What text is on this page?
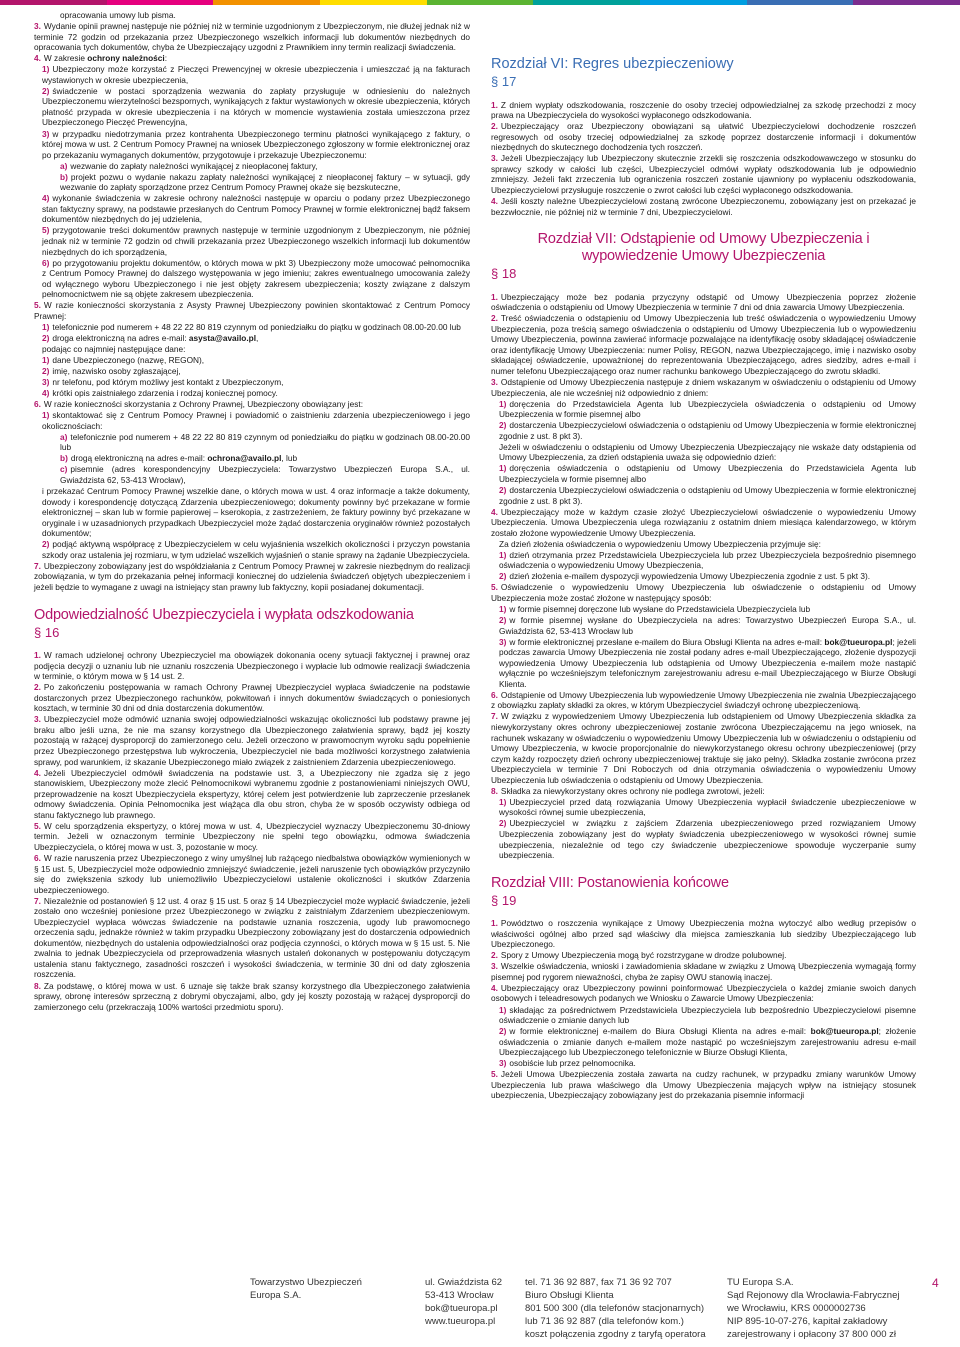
opracowania umowy lub pisma.

3. Wydanie opinii prawnej następuje nie później niż w terminie uzgodnionym z Ubezpieczonym, nie dłużej jednak niż w terminie 72 godzin od przekazania przez Ubezpieczonego wszelkich informacji lub dokumentów niezbędnych do opracowania tych dokumentów, chyba że Ubezpieczający uzgodni z Prawnikiem inny termin realizacji świadczenia.

4. W zakresie ochrony należności:

1) Ubezpieczony może korzystać z Pieczęci Prewencyjnej w okresie ubezpieczenia i umieszczać ją na fakturach wystawionych w okresie ubezpieczenia,

2) świadczenie w postaci sporządzenia wezwania do zapłaty przysługuje w odniesieniu do należnych Ubezpieczonemu wierzytelności bezspornych, wynikających z faktur wystawionych w okresie ubezpieczenia, których płatność przypada w okresie ubezpieczenia i na których w momencie wystawienia została umieszczona przez Ubezpieczonego Pieczęć Prewencyjna,

3) w przypadku niedotrzymania przez kontrahenta Ubezpieczonego terminu płatności wynikającego z faktury, o której mowa w ust. 2 Centrum Pomocy Prawnej na wniosek Ubezpieczonego zgłoszony w formie elektronicznej oraz po przekazaniu wymaganych dokumentów, przygotowuje i przekazuje Ubezpieczonemu:

a) wezwanie do zapłaty należności wynikającej z nieopłaconej faktury,

b) projekt pozwu o wydanie nakazu zapłaty należności wynikającej z nieopłaconej faktury – w sytuacji, gdy wezwanie do zapłaty sporządzone przez Centrum Pomocy Prawnej okaże się bezskuteczne,

4) wykonanie świadczenia w zakresie ochrony należności następuje w oparciu o podany przez Ubezpieczonego stan faktyczny sprawy, na podstawie przesłanych do Centrum Pomocy Prawnej w formie elektronicznej bądź faksem dokumentów niezbędnych do jej udzielenia,

5) przygotowanie treści dokumentów prawnych następuje w terminie uzgodnionym z Ubezpieczonym, nie później jednak niż w terminie 72 godzin od chwili przekazania przez Ubezpieczonego wszelkich informacji lub dokumentów niezbędnych do ich sporządzenia,

6) po przygotowaniu projektu dokumentów, o których mowa w pkt 3) Ubezpieczony może umocować pełnomocnika z Centrum Pomocy Prawnej do dalszego występowania w jego imieniu; zakres ewentualnego umocowania zależy od wyłącznego wyboru Ubezpieczonego i nie jest objęty zakresem ubezpieczenia; koszty związane z dalszym pełnomocnictwem nie są objęte zakresem ubezpieczenia.

5. W razie konieczności skorzystania z Asysty Prawnej Ubezpieczony powinien skontaktować z Centrum Pomocy Prawnej:

1) telefonicznie pod numerem + 48 22 22 80 819 czynnym od poniedziałku do piątku w godzinach 08.00-20.00 lub

2) droga elektroniczną na adres e-mail: asysta@availo.pl,

podając co najmniej następujące dane:

1) dane Ubezpieczonego (nazwę, REGON),

2) imię, nazwisko osoby zgłaszającej,

3) nr telefonu, pod którym możliwy jest kontakt z Ubezpieczonym,

4) krótki opis zaistniałego zdarzenia i rodzaj koniecznej pomocy.

6. W razie konieczności skorzystania z Ochrony Prawnej, Ubezpieczony obowiązany jest:

1) skontaktować się z Centrum Pomocy Prawnej i powiadomić o zaistnieniu zdarzenia ubezpieczeniowego i jego okolicznościach:

a) telefonicznie pod numerem + 48 22 22 80 819 czynnym od poniedziałku do piątku w godzinach 08.00-20.00 lub

b) drogą elektroniczną na adres e-mail: ochrona@availo.pl, lub

c) pisemnie (adres korespondencyjny Ubezpieczyciela: Towarzystwo Ubezpieczeń Europa S.A., ul. Gwiaździsta 62, 53-413 Wrocław),

i przekazać Centrum Pomocy Prawnej wszelkie dane, o których mowa w ust. 4 oraz informacje a także dokumenty, dowody i korespondencję dotyczącą Zdarzenia ubezpieczeniowego; dokumenty powinny być przekazane w formie elektronicznej – skan lub w formie papierowej – kserokopia, z zastrzeżeniem, że faktury powinny być przekazane w oryginale i w uzasadnionych przypadkach Ubezpieczyciel może żądać dostarczenia oryginałów również pozostałych dokumentów;

2) podjąć aktywną współpracę z Ubezpieczycielem w celu wyjaśnienia wszelkich okoliczności i przyczyn powstania szkody oraz ustalenia jej rozmiaru, w tym udzielać wszelkich wyjaśnień o stanie sprawy na żądanie Ubezpieczyciela.

7. Ubezpieczony zobowiązany jest do współdziałania z Centrum Pomocy Prawnej w zakresie niezbędnym do realizacji zobowiązania, w tym do przekazania pełnej informacji koniecznej do udzielenia świadczeń objętych ubezpieczeniem i jeżeli będzie to wymagane z uwagi na istniejący stan prawny lub faktyczny, kopii posiadanej dokumentacji.

Odpowiedzialność Ubezpieczyciela i wypłata odszkodowania
§ 16

1. W ramach udzielonej ochrony Ubezpieczyciel ma obowiązek dokonania oceny sytuacji faktycznej i prawnej oraz podjęcia decyzji o uznaniu lub nie uznaniu roszczenia Ubezpieczonego i wypłacie lub odmowie realizacji świadczenia w terminie, o którym mowa w § 14 ust. 2.

2. Po zakończeniu postępowania w ramach Ochrony Prawnej Ubezpieczyciel wypłaca świadczenie na podstawie dostarczonych przez Ubezpieczonego rachunków, pokwitowań i innych dokumentów świadczących o poniesionych kosztach, w terminie 30 dni od dnia dostarczenia dokumentów.

3. Ubezpieczyciel może odmówić uznania swojej odpowiedzialności wskazując okoliczności lub podstawy prawne jej braku albo jeśli uzna, że nie ma szansy korzystnego dla Ubezpieczonego załatwienia sprawy, bądź jej koszty pozostają w rażącej dysproporcji do zamierzonego celu. Jeżeli orzeczono w prawomocnym wyroku sądu popełnienie przez Ubezpieczonego przestępstwa lub wykroczenia, Ubezpieczyciel nie bada możliwości korzystnego załatwienia sprawy, pod warunkiem, iż skazanie Ubezpieczonego miało związek z zaistnieniem Zdarzenia ubezpieczeniowego.

4. Jeżeli Ubezpieczyciel odmówił świadczenia na podstawie ust. 3, a Ubezpieczony nie zgadza się z jego stanowiskiem, Ubezpieczony może zlecić Pełnomocnikowi wybranemu zgodnie z postanowieniami niniejszych OWU, przeprowadzenie na koszt Ubezpieczyciela ekspertyzy, której celem jest potwierdzenie lub zaprzeczenie przesłanek odmowy świadczenia. Opinia Pełnomocnika jest wiążąca dla obu stron, chyba że w sposób oczywisty odbiega od stanu faktycznego lub prawnego.

5. W celu sporządzenia ekspertyzy, o której mowa w ust. 4, Ubezpieczyciel wyznaczy Ubezpieczonemu 30-dniowy termin. Jeżeli w oznaczonym terminie Ubezpieczony nie spełni tego obowiązku, odmowa świadczenia Ubezpieczyciela, o której mowa w ust. 3, pozostanie w mocy.

6. W razie naruszenia przez Ubezpieczonego z winy umyślnej lub rażącego niedbalstwa obowiązków wymienionych w § 15 ust. 5, Ubezpieczyciel może odpowiednio zmniejszyć świadczenie, jeżeli naruszenie tych obowiązków przyczyniło się do zwiększenia szkody lub uniemożliwiło Ubezpieczycielowi ustalenie okoliczności i skutków Zdarzenia ubezpieczeniowego.

7. Niezależnie od postanowień § 12 ust. 4 oraz § 15 ust. 5 oraz § 14 Ubezpieczyciel może wypłacić świadczenie, jeżeli zostało ono wcześniej poniesione przez Ubezpieczonego w związku z zaistniałym Zdarzeniem ubezpieczeniowym. Ubezpieczyciel wypłaca wówczas świadczenie na podstawie uznania roszczenia, ugody lub prawomocnego orzeczenia sądu, jednakże również w takim przypadku Ubezpieczony zobowiązany jest do dostarczenia odpowiednich dokumentów, niezbędnych do ustalenia odpowiedzialności oraz podjęcia czynności, o których mowa w § 15 ust. 5. Nie zwalnia to jednak Ubezpieczyciela od przeprowadzenia własnych ustaleń dokonanych w postępowaniu dotyczącym ustalenia stanu faktycznego, zasadności roszczeń i wysokości świadczenia, w terminie 30 dni od daty zgłoszenia roszczenia.

8. Za podstawę, o której mowa w ust. 6 uznaje się także brak szansy korzystnego dla Ubezpieczonego załatwienia sprawy, obronę interesów sprzeczną z dobrymi obyczajami, albo, gdy jej koszty pozostają w rażącej dysproporcji do zamierzonego celu (przekraczają 100% wartości przedmiotu sporu).

Rozdział VI: Regres ubezpieczeniowy
§ 17

1. Z dniem wypłaty odszkodowania, roszczenie do osoby trzeciej odpowiedzialnej za szkodę przechodzi z mocy prawa na Ubezpieczyciela do wysokości wypłaconego odszkodowania.

2. Ubezpieczający oraz Ubezpieczony obowiązani są ułatwić Ubezpieczycielowi dochodzenie roszczeń regresowych od osoby trzeciej odpowiedzialnej za szkodę poprzez dostarczenie informacji i dokumentów niezbędnych do skutecznego dochodzenia tych roszczeń.

3. Jeżeli Ubezpieczający lub Ubezpieczony skutecznie zrzekli się roszczenia odszkodowawczego w stosunku do sprawcy szkody w całości lub części, Ubezpieczyciel odmówi wypłaty odszkodowania lub je odpowiednio zmniejszy. Jeżeli fakt zrzeczenia lub ograniczenia roszczeń zostanie ujawniony po wypłaceniu odszkodowania, Ubezpieczycielowi przysługuje roszczenie o zwrot całości lub części wypłaconego odszkodowania.

4. Jeśli koszty należne Ubezpieczycielowi zostaną zwrócone Ubezpieczonemu, zobowiązany jest on przekazać je bezzwłocznie, nie później niż w terminie 7 dni, Ubezpieczycielowi.

Rozdział VII: Odstąpienie od Umowy Ubezpieczenia i wypowiedzenie Umowy Ubezpieczenia
§ 18

1. Ubezpieczający może bez podania przyczyny odstąpić od Umowy Ubezpieczenia poprzez złożenie oświadczenia o odstąpieniu od Umowy Ubezpieczenia w terminie 7 dni od dnia zawarcia Umowy Ubezpieczenia.

2. Treść oświadczenia o odstąpieniu od Umowy Ubezpieczenia lub treść oświadczenia o wypowiedzeniu Umowy Ubezpieczenia, poza treścią samego oświadczenia o odstąpieniu od Umowy Ubezpieczenia lub o wypowiedzeniu Umowy Ubezpieczenia, powinna zawierać informacje pozwalające na identyfikację osoby składającej oświadczenie oraz identyfikację Umowy Ubezpieczenia: numer Polisy, REGON, nazwa Ubezpieczającego, imię i nazwisko osoby składającej oświadczenie, upoważnionej do reprezentowania Ubezpieczającego, adres siedziby, adres e-mail i numer telefonu Ubezpieczającego oraz numer rachunku bankowego Ubezpieczającego do zwrotu składki.

3. Odstąpienie od Umowy Ubezpieczenia następuje z dniem wskazanym w oświadczeniu o odstąpieniu od Umowy Ubezpieczenia, ale nie wcześniej niż odpowiednio z dniem:

1) doręczenia do Przedstawiciela Agenta lub Ubezpieczyciela oświadczenia o odstąpieniu od Umowy Ubezpieczenia w formie pisemnej albo

2) dostarczenia Ubezpieczycielowi oświadczenia o odstąpieniu od Umowy Ubezpieczenia w formie elektronicznej zgodnie z ust. 8 pkt 3).

Jeżeli w oświadczeniu o odstąpieniu od Umowy Ubezpieczenia Ubezpieczający nie wskaże daty odstąpienia od Umowy Ubezpieczenia, za dzień odstąpienia uważa się odpowiednio dzień:

1) doręczenia oświadczenia o odstąpieniu od Umowy Ubezpieczenia do Przedstawiciela Agenta lub Ubezpieczyciela w formie pisemnej albo

2) dostarczenia Ubezpieczycielowi oświadczenia o odstąpieniu od Umowy Ubezpieczenia w formie elektronicznej zgodnie z ust. 8 pkt 3).

4. Ubezpieczający może w każdym czasie złożyć Ubezpieczycielowi oświadczenie o wypowiedzeniu Umowy Ubezpieczenia. Umowa Ubezpieczenia ulega rozwiązaniu z ostatnim dniem miesiąca kalendarzowego, w którym zostało złożone wypowiedzenie Umowy Ubezpieczenia.

Za dzień złożenia oświadczenia o wypowiedzeniu Umowy Ubezpieczenia przyjmuje się:

1) dzień otrzymania przez Przedstawiciela Ubezpieczyciela lub przez Ubezpieczyciela bezpośrednio pisemnego oświadczenia o wypowiedzeniu Umowy Ubezpieczenia,

2) dzień złożenia e-mailem dyspozycji wypowiedzenia Umowy Ubezpieczenia zgodnie z ust. 5 pkt 3).

5. Oświadczenie o wypowiedzeniu Umowy Ubezpieczenia lub oświadczenie o odstąpieniu od Umowy Ubezpieczenia może zostać złożone w następujący sposób:

1) w formie pisemnej doręczone lub wysłane do Przedstawiciela Ubezpieczyciela lub

2) w formie pisemnej wysłane do Ubezpieczyciela na adres: Towarzystwo Ubezpieczeń Europa S.A., ul. Gwiaździsta 62, 53-413 Wrocław lub

3) w formie elektronicznej przesłane e-mailem do Biura Obsługi Klienta na adres e-mail: bok@tueuropa.pl; jeżeli podczas zawarcia Umowy Ubezpieczenia nie został podany adres e-mail Ubezpieczającego, złożenie dyspozycji wypowiedzenia Umowy Ubezpieczenia lub odstąpienia od Umowy Ubezpieczenia e-mailem może nastąpić wyłącznie po wcześniejszym telefonicznym zarejestrowaniu adresu e-mail Ubezpieczającego w Biurze Obsługi Klienta.

6. Odstąpienie od Umowy Ubezpieczenia lub wypowiedzenie Umowy Ubezpieczenia nie zwalnia Ubezpieczającego z obowiązku zapłaty składki za okres, w którym Ubezpieczyciel świadczył ochronę ubezpieczeniową.

7. W związku z wypowiedzeniem Umowy Ubezpieczenia lub odstąpieniem od Umowy Ubezpieczenia składka za niewykorzystany okres ochrony ubezpieczeniowej zostanie zwrócona Ubezpieczającemu na jego wniosek, na rachunek wskazany w oświadczeniu o wypowiedzeniu Umowy Ubezpieczenia lub w oświadczeniu o odstąpieniu od Umowy Ubezpieczenia, w kwocie proporcjonalnie do niewykorzystanego okresu ochrony ubezpieczeniowej (przy czym każdy rozpoczęty dzień ochrony ubezpieczeniowej traktuje się jako pełny). Składka zostanie zwrócona przez Ubezpieczyciela w terminie 7 Dni Roboczych od dnia otrzymania oświadczenia o wypowiedzeniu Umowy Ubezpieczenia lub oświadczenia o odstąpieniu od Umowy Ubezpieczenia.

8. Składka za niewykorzystany okres ochrony nie podlega zwrotowi, jeżeli:

1) Ubezpieczyciel przed datą rozwiązania Umowy Ubezpieczenia wypłacił świadczenie ubezpieczeniowe w wysokości równej sumie ubezpieczenia,

2) Ubezpieczyciel w związku z zajściem Zdarzenia ubezpieczeniowego przed rozwiązaniem Umowy Ubezpieczenia zobowiązany jest do wypłaty świadczenia ubezpieczeniowego w wysokości równej sumie ubezpieczenia, niezależnie od tego czy świadczenie ubezpieczeniowe spowoduje wyczerpanie sumy ubezpieczenia.

Rozdział VIII: Postanowienia końcowe
§ 19

1. Powództwo o roszczenia wynikające z Umowy Ubezpieczenia można wytoczyć albo według przepisów o właściwości ogólnej albo przed sąd właściwy dla miejsca zamieszkania lub siedziby Ubezpieczającego lub Ubezpieczonego.

2. Spory z Umowy Ubezpieczenia mogą być rozstrzygane w drodze polubownej.

3. Wszelkie oświadczenia, wnioski i zawiadomienia składane w związku z Umową Ubezpieczenia wymagają formy pisemnej pod rygorem nieważności, chyba że zapisy OWU stanowią inaczej.

4. Ubezpieczający oraz Ubezpieczony powinni poinformować Ubezpieczyciela o każdej zmianie swoich danych osobowych i teleadresowych podanych we Wniosku o Zawarcie Umowy Ubezpieczenia:

1) składając za pośrednictwem Przedstawiciela Ubezpieczyciela lub bezpośrednio Ubezpieczycielowi pisemne oświadczenie o zmianie danych lub

2) w formie elektronicznej e-mailem do Biura Obsługi Klienta na adres e-mail: bok@tueuropa.pl; złożenie oświadczenia o zmianie danych e-mailem może nastąpić po wcześniejszym zarejestrowaniu adresu e-mail Ubezpieczającego lub Ubezpieczonego telefonicznie w Biurze Obsługi Klienta,

3) osobiście lub przez pełnomocnika.

5. Jeżeli Umowa Ubezpieczenia została zawarta na cudzy rachunek, w przypadku zmiany warunków Umowy Ubezpieczenia lub prawa właściwego dla Umowy Ubezpieczenia mających wpływ na istniejący stosunek ubezpieczenia, Ubezpieczający zobowiązany jest do przekazania pisemnie informacji

Towarzystwo Ubezpieczeń
Europa S.A.
ul. Gwiaździsta 62
53-413 Wrocław
bok@tueuropa.pl
www.tueuropa.pl
tel. 71 36 92 887, fax 71 36 92 707
Biuro Obsługi Klienta
801 500 300 (dla telefonów stacjonarnych)
lub 71 36 92 887 (dla telefonów kom.)
koszt połączenia zgodny z taryfą operatora
TU Europa S.A.
Sąd Rejonowy dla Wrocławia-Fabrycznej
we Wrocławiu, KRS 0000002736
NIP 895-10-07-276, kapitał zakładowy
zarejestrowany i opłacony 37 800 000 zł
4
